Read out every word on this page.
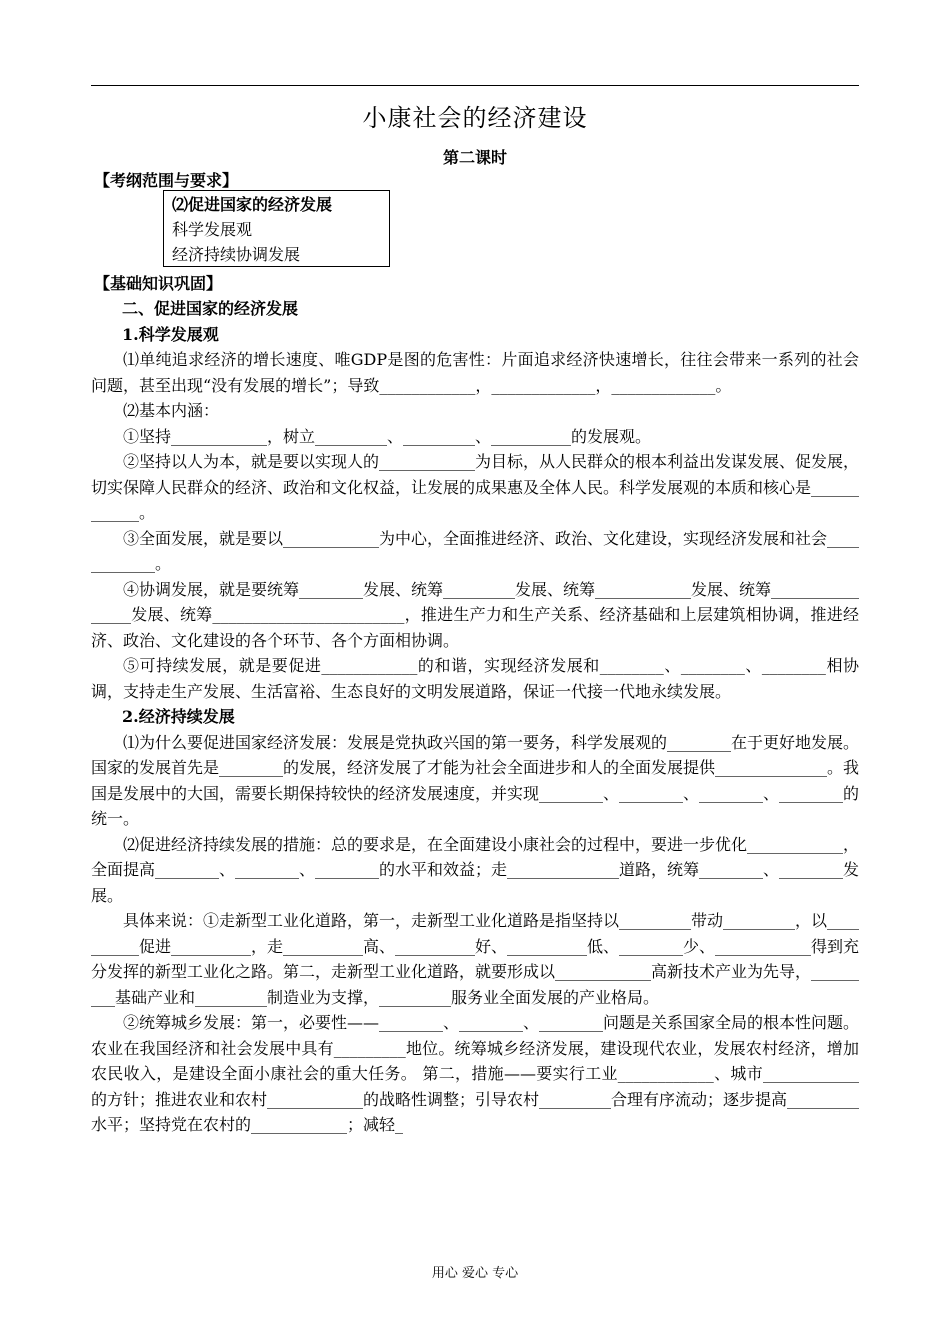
小康社会的经济建设
第二课时
【考纲范围与要求】
⑵促进国家的经济发展
科学发展观
经济持续协调发展
【基础知识巩固】

二、促进国家的经济发展

1.科学发展观

⑴单纯追求经济的增长速度、唯GDP是图的危害性：片面追求经济快速增长，往往会带来一系列的社会问题，甚至出现“没有发展的增长”；导致____________，_____________，_____________。

⑵基本内涵：

①坚持____________，树立_________、_________、__________的发展观。

②坚持以人为本，就是要以实现人的____________为目标，从人民群众的根本利益出发谋发展、促发展，切实保障人民群众的经济、政治和文化权益，让发展的成果惠及全体人民。科学发展观的本质和核心是____________。

③全面发展，就是要以____________为中心，全面推进经济、政治、文化建设，实现经济发展和社会____________。

④协调发展，就是要统筹________发展、统筹_________发展、统筹____________发展、统筹________________发展、统筹________________________，推进生产力和生产关系、经济基础和上层建筑相协调，推进经济、政治、文化建设的各个环节、各个方面相协调。

⑤可持续发展，就是要促进____________的和谐，实现经济发展和________、________、________相协调，支持走生产发展、生活富裕、生态良好的文明发展道路，保证一代接一代地永续发展。

2.经济持续发展

⑴为什么要促进国家经济发展：发展是党执政兴国的第一要务，科学发展观的________在于更好地发展。国家的发展首先是________的发展，经济发展了才能为社会全面进步和人的全面发展提供______________。我国是发展中的大国，需要长期保持较快的经济发展速度，并实现________、________、________、________的统一。

⑵促进经济持续发展的措施：总的要求是，在全面建设小康社会的过程中，要进一步优化____________，全面提高________、________、________的水平和效益；走______________道路，统筹________、________发展。

具体来说：①走新型工业化道路，第一，走新型工业化道路是指坚持以_________带动_________，以__________促进__________，走__________高、__________好、__________低、________少、____________得到充分发挥的新型工业化之路。第二，走新型工业化道路，就要形成以____________高新技术产业为先导，_________基础产业和_________制造业为支撑，_________服务业全面发展的产业格局。

②统筹城乡发展：第一，必要性——________、________、________问题是关系国家全局的根本性问题。农业在我国经济和社会发展中具有_________地位。统筹城乡经济发展，建设现代农业，发展农村经济，增加农民收入，是建设全面小康社会的重大任务。 第二，措施——要实行工业____________、城市____________的方针；推进农业和农村____________的战略性调整；引导农村_________合理有序流动；逐步提高_________水平；坚持党在农村的____________；减轻_

用心 爱心 专心
